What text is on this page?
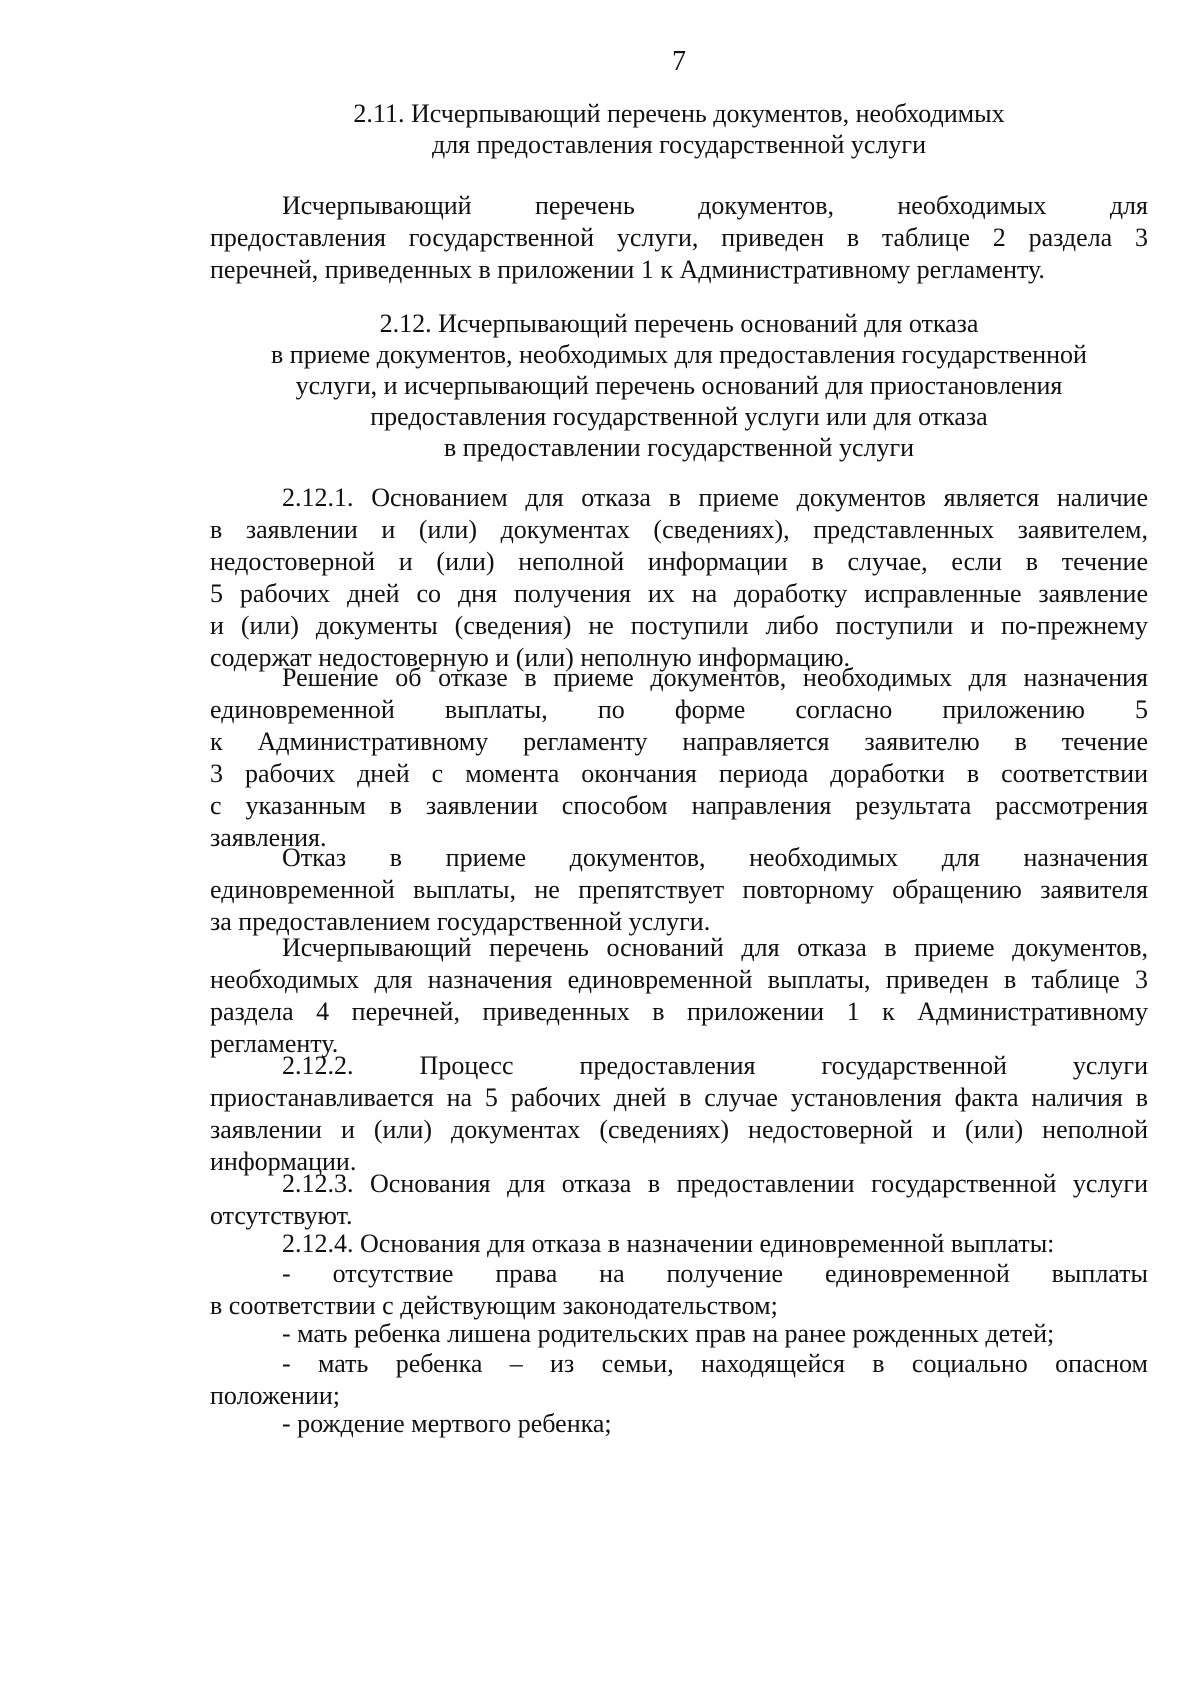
7

2.11. Исчерпывающий перечень документов, необходимых
для предоставления государственной услуги

Исчерпывающий перечень документов, необходимых для
предоставления государственной услуги, приведен в таблице 2 раздела 3
перечней, приведенных в приложении 1 к Административному регламенту.

2.12. Исчерпывающий перечень оснований для отказа
в приеме документов, необходимых для предоставления государственной
услуги, и исчерпывающий перечень оснований для приостановления
предоставления государственной услуги или для отказа
в предоставлении государственной услуги

2.12.1. Основанием для отказа в приеме документов является наличие
в заявлении и (или) документах (сведениях), представленных заявителем,
недостоверной и (или) неполной информации в случае, если в течение
5 рабочих дней со дня получения их на доработку исправленные заявление
и (или) документы (сведения) не поступили либо поступили и по-прежнему
содержат недостоверную и (или) неполную информацию.

Решение об отказе в приеме документов, необходимых для назначения
единовременной выплаты, по форме согласно приложению 5
к Административному регламенту направляется заявителю в течение
3 рабочих дней с момента окончания периода доработки в соответствии
с указанным в заявлении способом направления результата рассмотрения
заявления.

Отказ в приеме документов, необходимых для назначения
единовременной выплаты, не препятствует повторному обращению заявителя
за предоставлением государственной услуги.

Исчерпывающий перечень оснований для отказа в приеме документов,
необходимых для назначения единовременной выплаты, приведен в таблице 3
раздела 4 перечней, приведенных в приложении 1 к Административному
регламенту.

2.12.2. Процесс предоставления государственной услуги
приостанавливается на 5 рабочих дней в случае установления факта наличия в
заявлении и (или) документах (сведениях) недостоверной и (или) неполной
информации.

2.12.3. Основания для отказа в предоставлении государственной услуги
отсутствуют.

2.12.4. Основания для отказа в назначении единовременной выплаты:

- отсутствие права на получение единовременной выплаты
в соответствии с действующим законодательством;

- мать ребенка лишена родительских прав на ранее рожденных детей;

- мать ребенка – из семьи, находящейся в социально опасном
положении;

- рождение мертвого ребенка;
